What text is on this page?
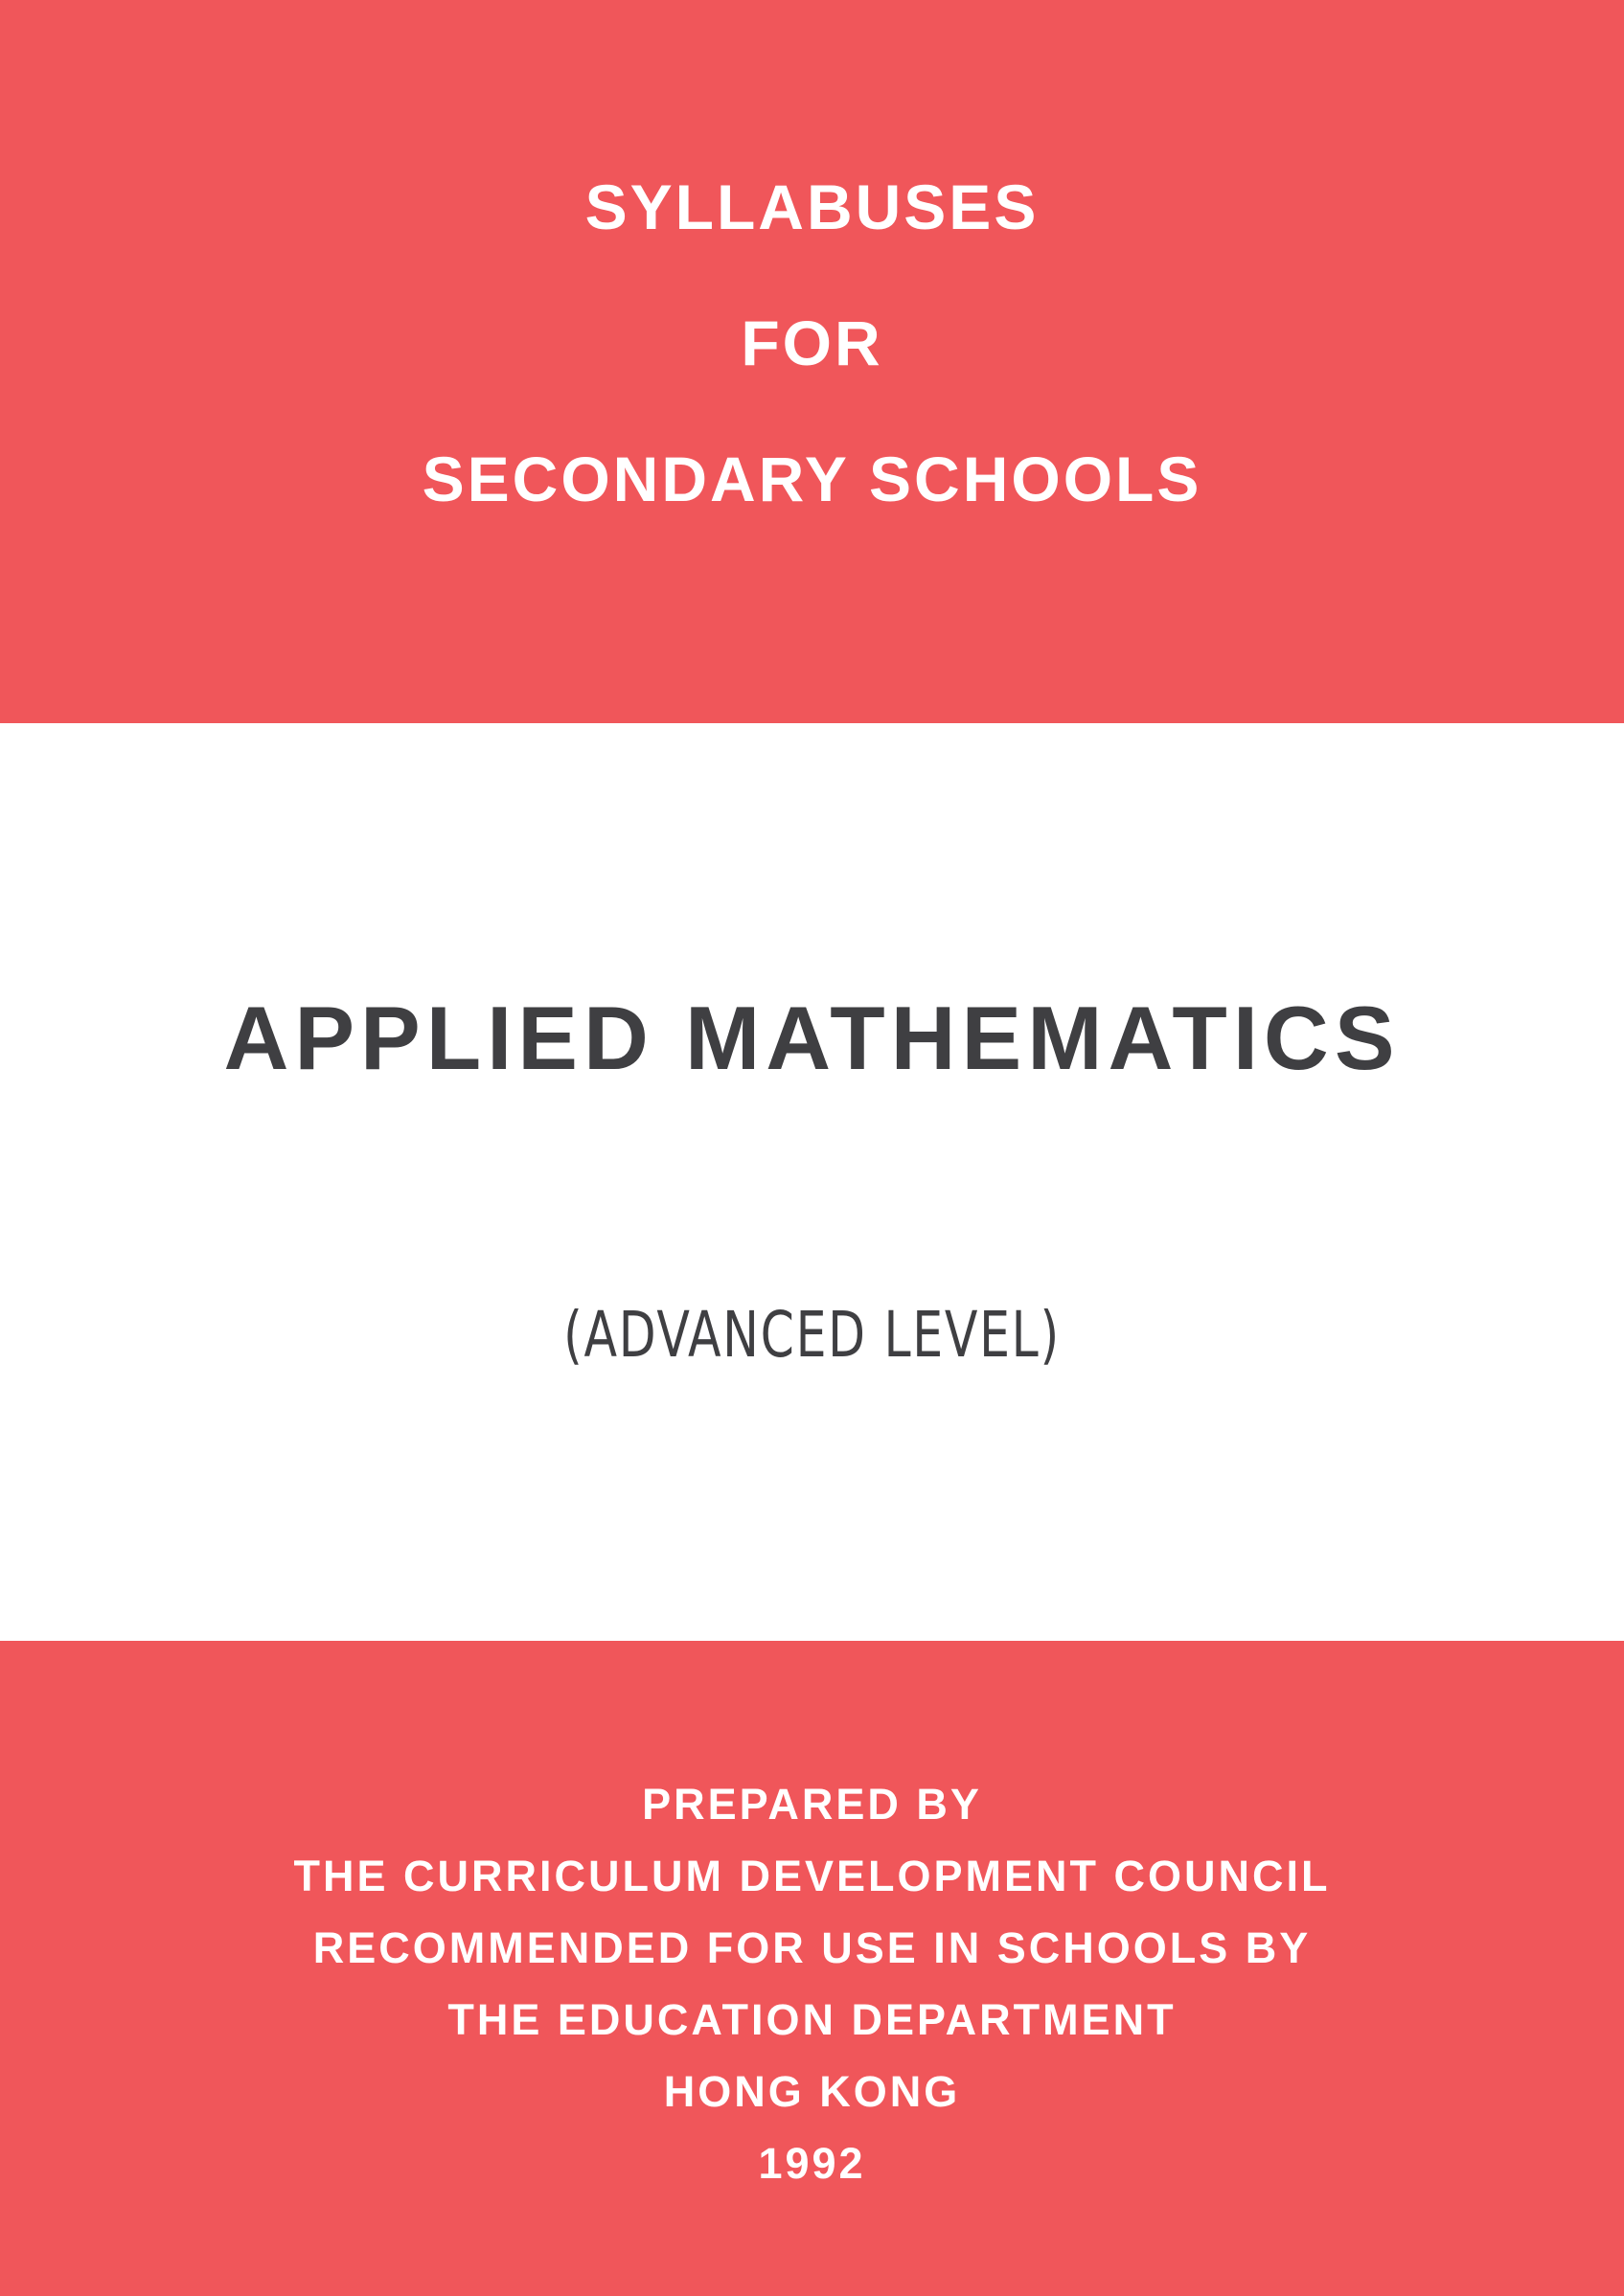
SYLLABUSES
FOR
SECONDARY SCHOOLS
APPLIED MATHEMATICS
(ADVANCED LEVEL)
PREPARED BY
THE CURRICULUM DEVELOPMENT COUNCIL
RECOMMENDED FOR USE IN SCHOOLS BY
THE EDUCATION DEPARTMENT
HONG KONG
1992
